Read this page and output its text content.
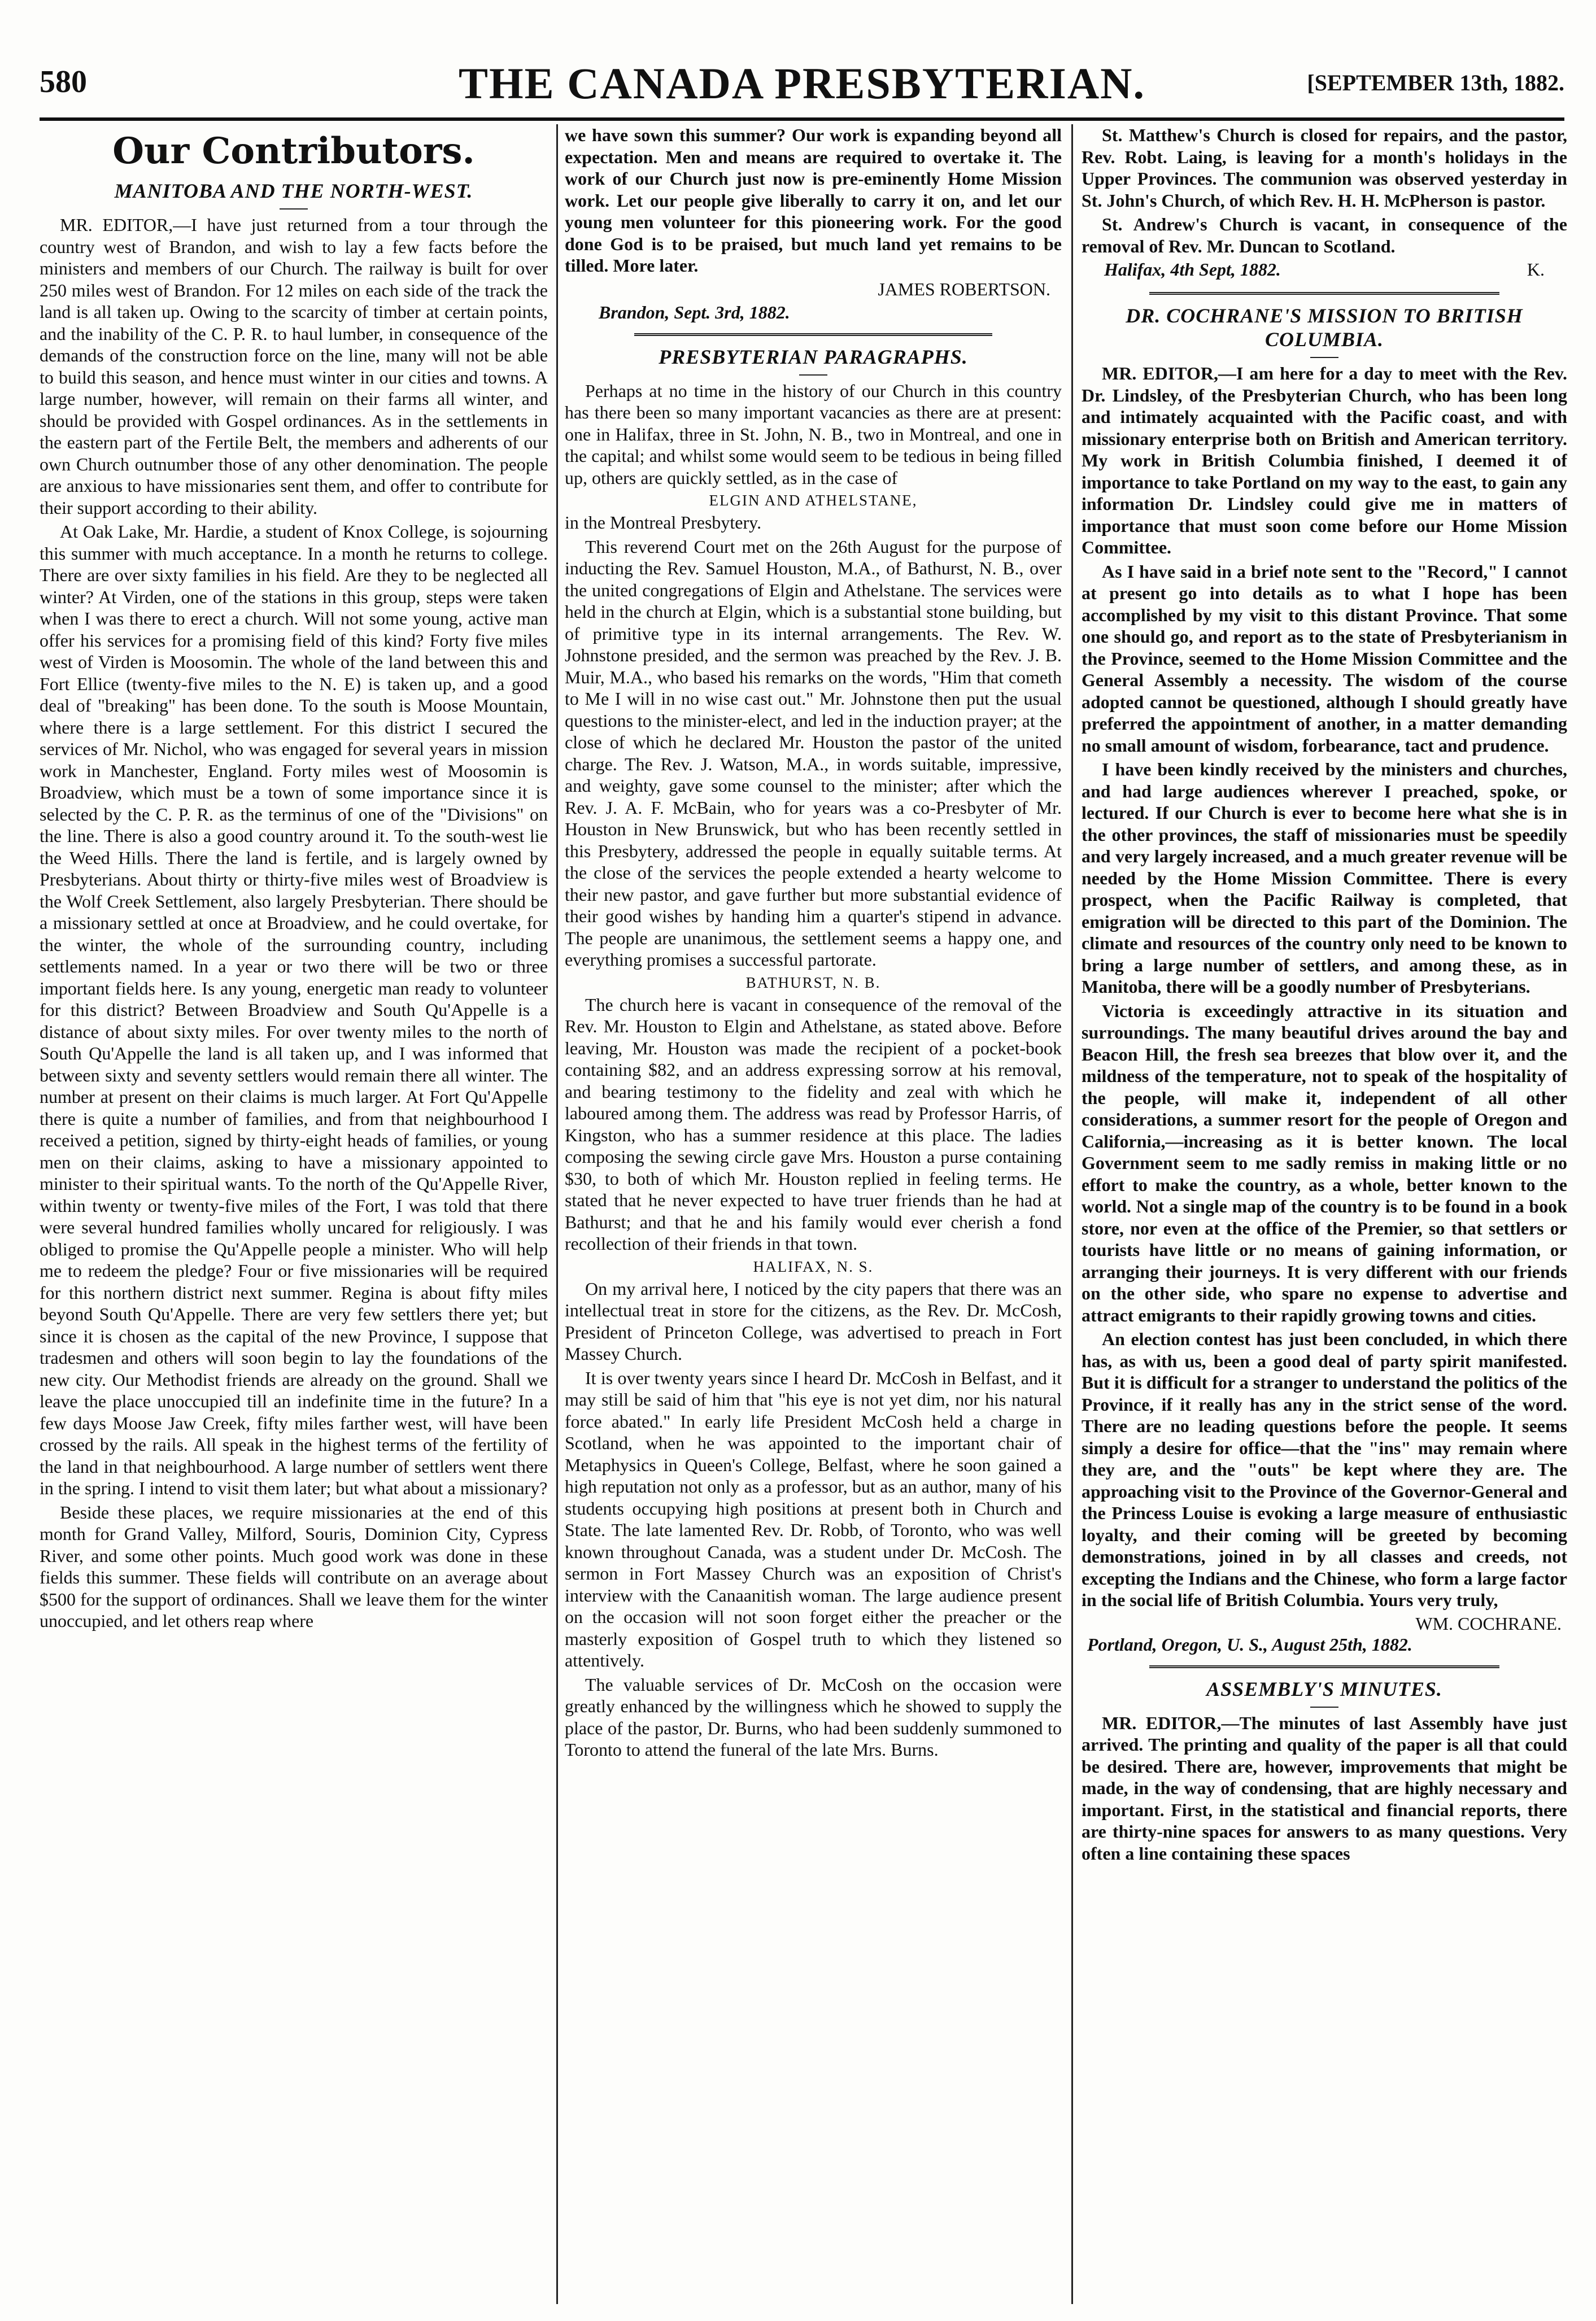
580	THE CANADA PRESBYTERIAN.	[SEPTEMBER 13th, 1882.
Our Contributors.
MANITOBA AND THE NORTH-WEST.

MR. EDITOR,—I have just returned from a tour through the country west of Brandon, and wish to lay a few facts before the ministers and members of our Church. The railway is built for over 250 miles west of Brandon. For 12 miles on each side of the track the land is all taken up. Owing to the scarcity of timber at certain points, and the inability of the C. P. R. to haul lumber, in consequence of the demands of the construction force on the line, many will not be able to build this season, and hence must winter in our cities and towns. A large number, however, will remain on their farms all winter, and should be provided with Gospel ordinances. As in the settlements in the eastern part of the Fertile Belt, the members and adherents of our own Church outnumber those of any other denomination. The people are anxious to have missionaries sent them, and offer to contribute for their support according to their ability.

At Oak Lake, Mr. Hardie, a student of Knox College, is sojourning this summer with much acceptance. In a month he returns to college. There are over sixty families in his field. Are they to be neglected all winter? At Virden, one of the stations in this group, steps were taken when I was there to erect a church. Will not some young, active man offer his services for a promising field of this kind? Forty five miles west of Virden is Moosomin. The whole of the land between this and Fort Ellice (twenty-five miles to the N. E) is taken up, and a good deal of "breaking" has been done. To the south is Moose Mountain, where there is a large settlement. For this district I secured the services of Mr. Nichol, who was engaged for several years in mission work in Manchester, England. Forty miles west of Moosomin is Broadview, which must be a town of some importance since it is selected by the C. P. R. as the terminus of one of the "Divisions" on the line. There is also a good country around it. To the south-west lie the Weed Hills. There the land is fertile, and is largely owned by Presbyterians. About thirty or thirty-five miles west of Broadview is the Wolf Creek Settlement, also largely Presbyterian. There should be a missionary settled at once at Broadview, and he could overtake, for the winter, the whole of the surrounding country, including settlements named. In a year or two there will be two or three important fields here. Is any young, energetic man ready to volunteer for this district? Between Broadview and South Qu'Appelle is a distance of about sixty miles. For over twenty miles to the north of South Qu'Appelle the land is all taken up, and I was informed that between sixty and seventy settlers would remain there all winter. The number at present on their claims is much larger. At Fort Qu'Appelle there is quite a number of families, and from that neighbourhood I received a petition, signed by thirty-eight heads of families, or young men on their claims, asking to have a missionary appointed to minister to their spiritual wants. To the north of the Qu'Appelle River, within twenty or twenty-five miles of the Fort, I was told that there were several hundred families wholly uncared for religiously. I was obliged to promise the Qu'Appelle people a minister. Who will help me to redeem the pledge? Four or five missionaries will be required for this northern district next summer. Regina is about fifty miles beyond South Qu'Appelle. There are very few settlers there yet; but since it is chosen as the capital of the new Province, I suppose that tradesmen and others will soon begin to lay the foundations of the new city. Our Methodist friends are already on the ground. Shall we leave the place unoccupied till an indefinite time in the future? In a few days Moose Jaw Creek, fifty miles farther west, will have been crossed by the rails. All speak in the highest terms of the fertility of the land in that neighbourhood. A large number of settlers went there in the spring. I intend to visit them later; but what about a missionary?

Beside these places, we require missionaries at the end of this month for Grand Valley, Milford, Souris, Dominion City, Cypress River, and some other points. Much good work was done in these fields this summer. These fields will contribute on an average about $500 for the support of ordinances. Shall we leave them for the winter unoccupied, and let others reap where

we have sown this summer? Our work is expanding beyond all expectation. Men and means are required to overtake it. The work of our Church just now is pre-eminently Home Mission work. Let our people give liberally to carry it on, and let our young men volunteer for this pioneering work. For the good done God is to be praised, but much land yet remains to be tilled. More later.

JAMES ROBERTSON.
Brandon, Sept. 3rd, 1882.
PRESBYTERIAN PARAGRAPHS.

Perhaps at no time in the history of our Church in this country has there been so many important vacancies as there are at present: one in Halifax, three in St. John, N. B., two in Montreal, and one in the capital; and whilst some would seem to be tedious in being filled up, others are quickly settled, as in the case of

ELGIN AND ATHELSTANE,

in the Montreal Presbytery.

This reverend Court met on the 26th August for the purpose of inducting the Rev. Samuel Houston, M.A., of Bathurst, N. B., over the united congregations of Elgin and Athelstane. The services were held in the church at Elgin, which is a substantial stone building, but of primitive type in its internal arrangements. The Rev. W. Johnstone presided, and the sermon was preached by the Rev. J. B. Muir, M.A., who based his remarks on the words, "Him that cometh to Me I will in no wise cast out." Mr. Johnstone then put the usual questions to the minister-elect, and led in the induction prayer; at the close of which he declared Mr. Houston the pastor of the united charge. The Rev. J. Watson, M.A., in words suitable, impressive, and weighty, gave some counsel to the minister; after which the Rev. J. A. F. McBain, who for years was a co-Presbyter of Mr. Houston in New Brunswick, but who has been recently settled in this Presbytery, addressed the people in equally suitable terms. At the close of the services the people extended a hearty welcome to their new pastor, and gave further but more substantial evidence of their good wishes by handing him a quarter's stipend in advance. The people are unanimous, the settlement seems a happy one, and everything promises a successful partorate.

BATHURST, N. B.

The church here is vacant in consequence of the removal of the Rev. Mr. Houston to Elgin and Athelstane, as stated above. Before leaving, Mr. Houston was made the recipient of a pocket-book containing $82, and an address expressing sorrow at his removal, and bearing testimony to the fidelity and zeal with which he laboured among them. The address was read by Professor Harris, of Kingston, who has a summer residence at this place. The ladies composing the sewing circle gave Mrs. Houston a purse containing $30, to both of which Mr. Houston replied in feeling terms. He stated that he never expected to have truer friends than he had at Bathurst; and that he and his family would ever cherish a fond recollection of their friends in that town.

HALIFAX, N. S.

On my arrival here, I noticed by the city papers that there was an intellectual treat in store for the citizens, as the Rev. Dr. McCosh, President of Princeton College, was advertised to preach in Fort Massey Church.

It is over twenty years since I heard Dr. McCosh in Belfast, and it may still be said of him that "his eye is not yet dim, nor his natural force abated." In early life President McCosh held a charge in Scotland, when he was appointed to the important chair of Metaphysics in Queen's College, Belfast, where he soon gained a high reputation not only as a professor, but as an author, many of his students occupying high positions at present both in Church and State. The late lamented Rev. Dr. Robb, of Toronto, who was well known throughout Canada, was a student under Dr. McCosh. The sermon in Fort Massey Church was an exposition of Christ's interview with the Canaanitish woman. The large audience present on the occasion will not soon forget either the preacher or the masterly exposition of Gospel truth to which they listened so attentively.

The valuable services of Dr. McCosh on the occasion were greatly enhanced by the willingness which he showed to supply the place of the pastor, Dr. Burns, who had been suddenly summoned to Toronto to attend the funeral of the late Mrs. Burns.

St. Matthew's Church is closed for repairs, and the pastor, Rev. Robt. Laing, is leaving for a month's holidays in the Upper Provinces. The communion was observed yesterday in St. John's Church, of which Rev. H. H. McPherson is pastor.

St. Andrew's Church is vacant, in consequence of the removal of Rev. Mr. Duncan to Scotland.

Halifax, 4th Sept, 1882.	K.
DR. COCHRANE'S MISSION TO BRITISH COLUMBIA.

MR. EDITOR,—I am here for a day to meet with the Rev. Dr. Lindsley, of the Presbyterian Church, who has been long and intimately acquainted with the Pacific coast, and with missionary enterprise both on British and American territory. My work in British Columbia finished, I deemed it of importance to take Portland on my way to the east, to gain any information Dr. Lindsley could give me in matters of importance that must soon come before our Home Mission Committee.

As I have said in a brief note sent to the "Record," I cannot at present go into details as to what I hope has been accomplished by my visit to this distant Province. That some one should go, and report as to the state of Presbyterianism in the Province, seemed to the Home Mission Committee and the General Assembly a necessity. The wisdom of the course adopted cannot be questioned, although I should greatly have preferred the appointment of another, in a matter demanding no small amount of wisdom, forbearance, tact and prudence.

I have been kindly received by the ministers and churches, and had large audiences wherever I preached, spoke, or lectured. If our Church is ever to become here what she is in the other provinces, the staff of missionaries must be speedily and very largely increased, and a much greater revenue will be needed by the Home Mission Committee. There is every prospect, when the Pacific Railway is completed, that emigration will be directed to this part of the Dominion. The climate and resources of the country only need to be known to bring a large number of settlers, and among these, as in Manitoba, there will be a goodly number of Presbyterians.

Victoria is exceedingly attractive in its situation and surroundings. The many beautiful drives around the bay and Beacon Hill, the fresh sea breezes that blow over it, and the mildness of the temperature, not to speak of the hospitality of the people, will make it, independent of all other considerations, a summer resort for the people of Oregon and California,—increasing as it is better known. The local Government seem to me sadly remiss in making little or no effort to make the country, as a whole, better known to the world. Not a single map of the country is to be found in a book store, nor even at the office of the Premier, so that settlers or tourists have little or no means of gaining information, or arranging their journeys. It is very different with our friends on the other side, who spare no expense to advertise and attract emigrants to their rapidly growing towns and cities.

An election contest has just been concluded, in which there has, as with us, been a good deal of party spirit manifested. But it is difficult for a stranger to understand the politics of the Province, if it really has any in the strict sense of the word. There are no leading questions before the people. It seems simply a desire for office—that the "ins" may remain where they are, and the "outs" be kept where they are. The approaching visit to the Province of the Governor-General and the Princess Louise is evoking a large measure of enthusiastic loyalty, and their coming will be greeted by becoming demonstrations, joined in by all classes and creeds, not excepting the Indians and the Chinese, who form a large factor in the social life of British Columbia. Yours very truly,

WM. COCHRANE.
Portland, Oregon, U. S., August 25th, 1882.
ASSEMBLY'S MINUTES.

MR. EDITOR,—The minutes of last Assembly have just arrived. The printing and quality of the paper is all that could be desired. There are, however, improvements that might be made, in the way of condensing, that are highly necessary and important. First, in the statistical and financial reports, there are thirty-nine spaces for answers to as many questions. Very often a line containing these spaces
